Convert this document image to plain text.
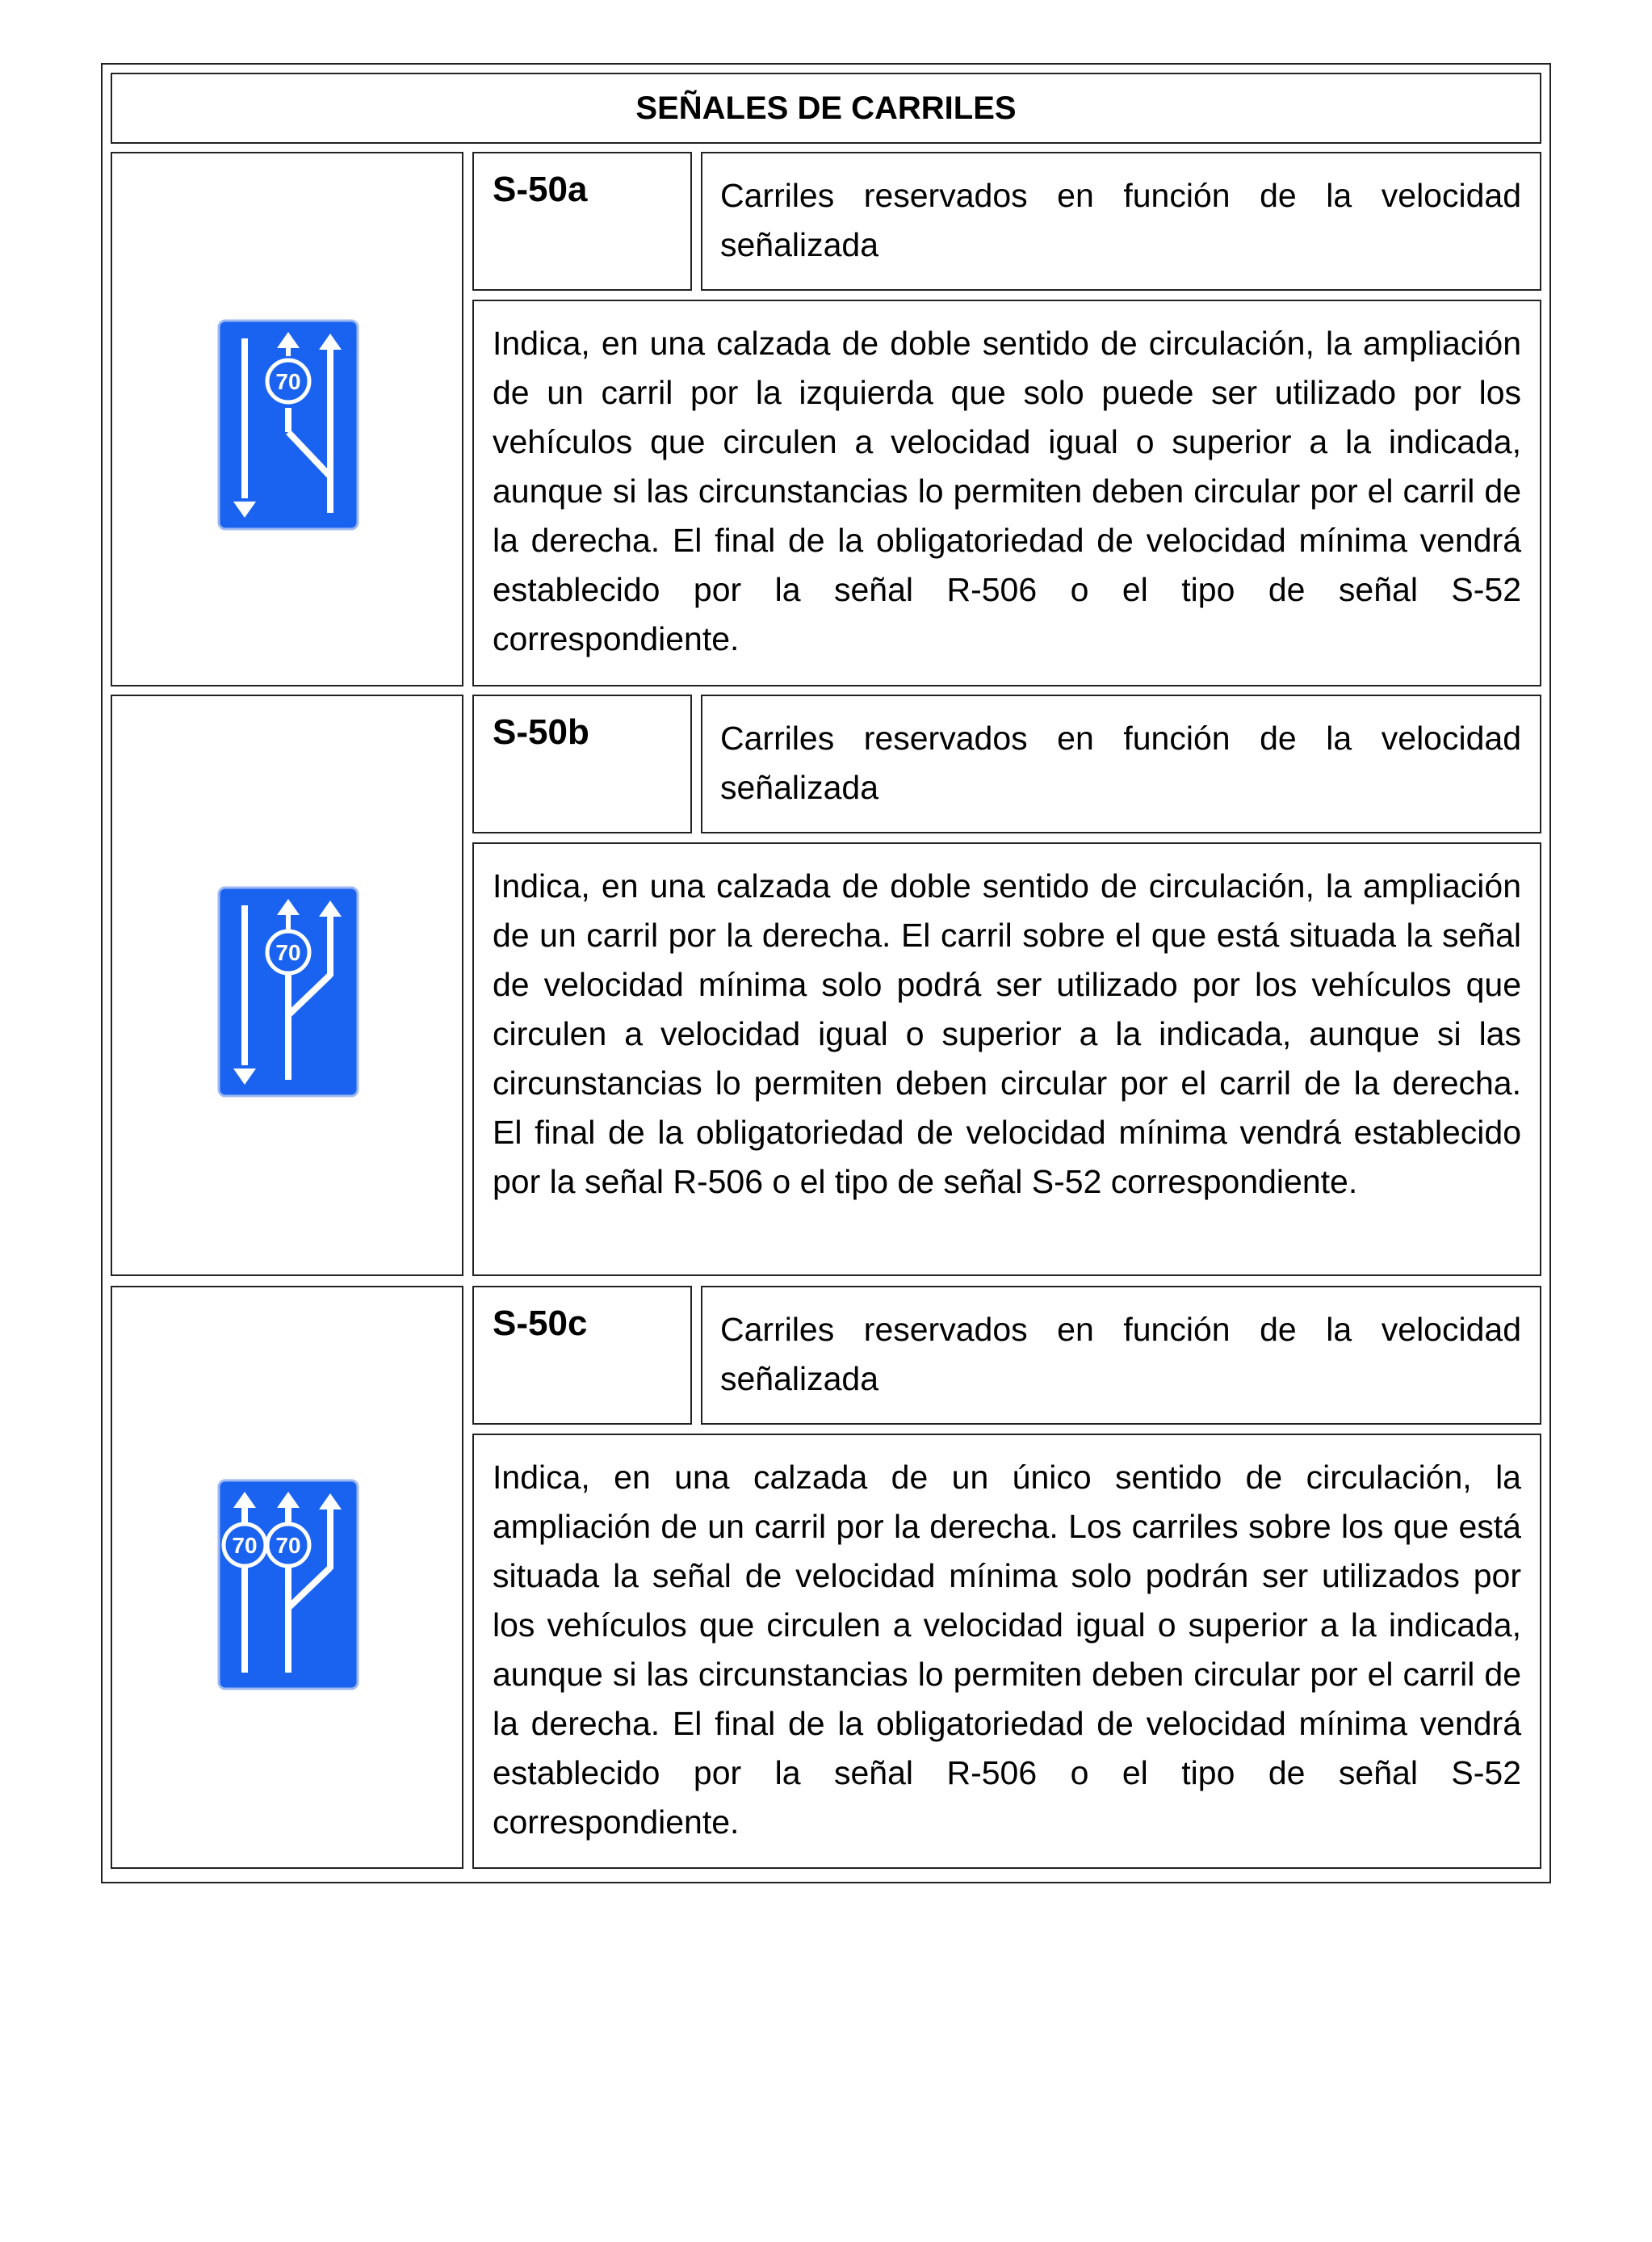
SEÑALES DE CARRILES
70
S-50a	Carriles reservados en función de la velocidad señalizada
Indica, en una calzada de doble sentido de circulación, la ampliación de un carril por la izquierda que solo puede ser utilizado por los vehículos que circulen a velocidad igual o superior a la indicada, aunque si las circunstancias lo permiten deben circular por el carril de la derecha. El final de la obligatoriedad de velocidad mínima vendrá establecido por la señal R-506 o el tipo de señal S-52 correspondiente.
70
S-50b	Carriles reservados en función de la velocidad señalizada
Indica, en una calzada de doble sentido de circulación, la ampliación de un carril por la derecha. El carril sobre el que está situada la señal de velocidad mínima solo podrá ser utilizado por los vehículos que circulen a velocidad igual o superior a la indicada, aunque si las circunstancias lo permiten deben circular por el carril de la derecha. El final de la obligatoriedad de velocidad mínima vendrá establecido por la señal R-506 o el tipo de señal S-52 correspondiente.
70 70
S-50c	Carriles reservados en función de la velocidad señalizada
Indica, en una calzada de un único sentido de circulación, la ampliación de un carril por la derecha. Los carriles sobre los que está situada la señal de velocidad mínima solo podrán ser utilizados por los vehículos que circulen a velocidad igual o superior a la indicada, aunque si las circunstancias lo permiten deben circular por el carril de la derecha. El final de la obligatoriedad de velocidad mínima vendrá establecido por la señal R-506 o el tipo de señal S-52 correspondiente.
